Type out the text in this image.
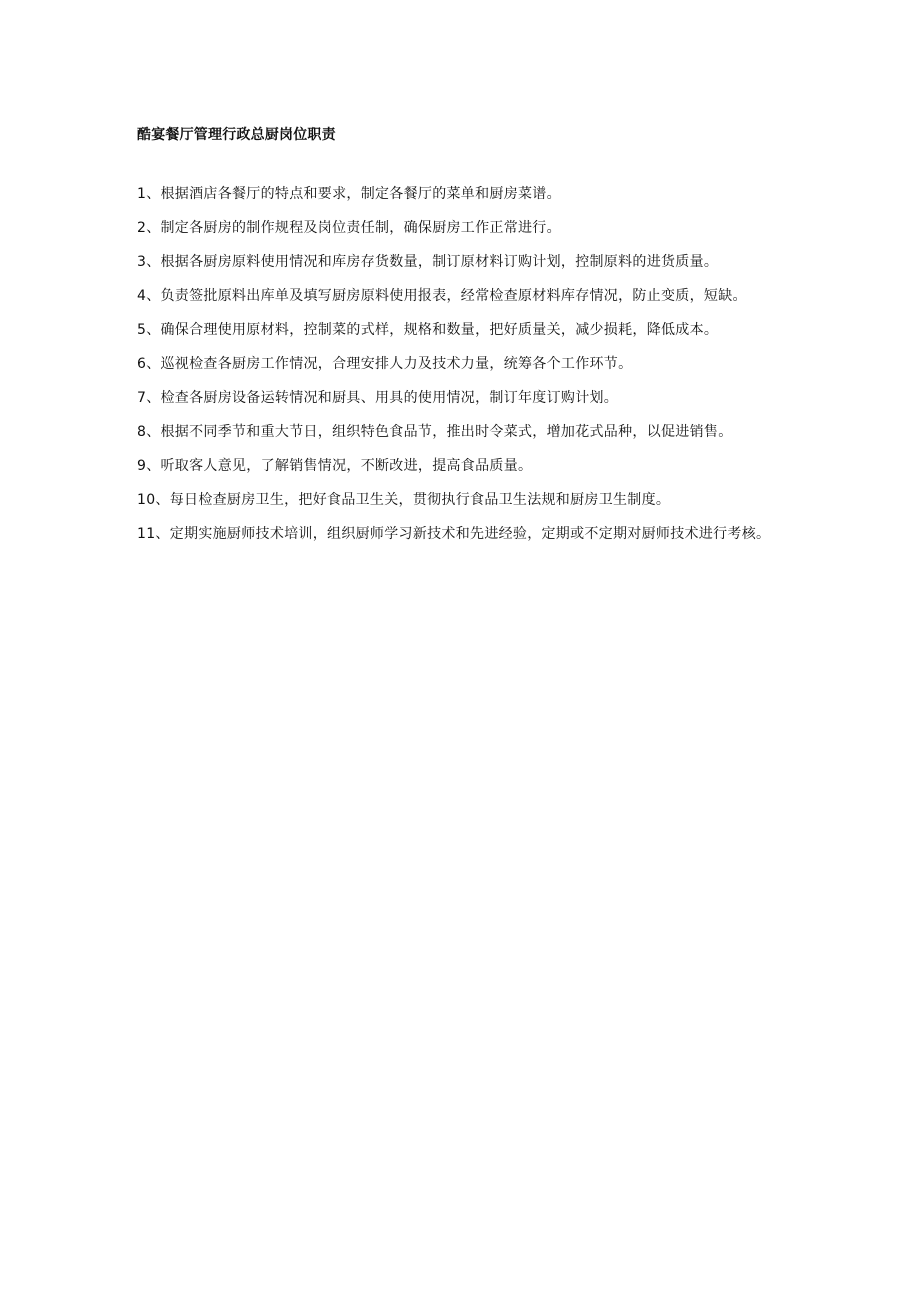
酷宴餐厅管理行政总厨岗位职责
1、根据酒店各餐厅的特点和要求，制定各餐厅的菜单和厨房菜谱。
2、制定各厨房的制作规程及岗位责任制，确保厨房工作正常进行。
3、根据各厨房原料使用情况和库房存货数量，制订原材料订购计划，控制原料的进货质量。
4、负责签批原料出库单及填写厨房原料使用报表，经常检查原材料库存情况，防止变质，短缺。
5、确保合理使用原材料，控制菜的式样，规格和数量，把好质量关，减少损耗，降低成本。
6、巡视检查各厨房工作情况，合理安排人力及技术力量，统筹各个工作环节。
7、检查各厨房设备运转情况和厨具、用具的使用情况，制订年度订购计划。
8、根据不同季节和重大节日，组织特色食品节，推出时令菜式，增加花式品种，以促进销售。
9、听取客人意见，了解销售情况，不断改进，提高食品质量。
10、每日检查厨房卫生，把好食品卫生关，贯彻执行食品卫生法规和厨房卫生制度。
11、定期实施厨师技术培训，组织厨师学习新技术和先进经验，定期或不定期对厨师技术进行考核。
